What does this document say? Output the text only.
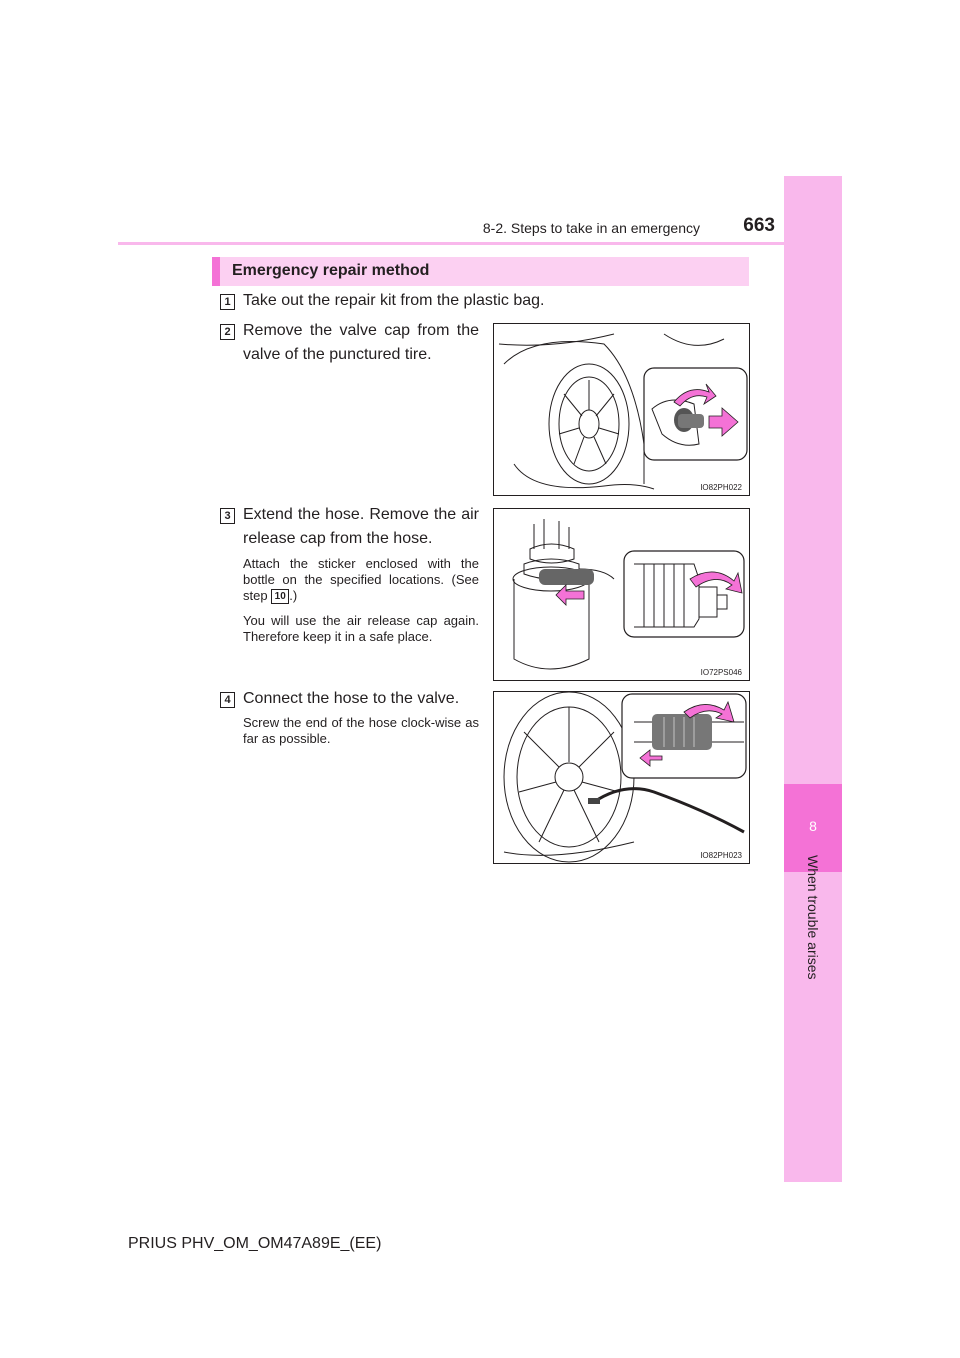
8
When trouble arises
8-2. Steps to take in an emergency	663
Emergency repair method
1 Take out the repair kit from the plastic bag.
2 Remove the valve cap from the valve of the punctured tire.
IO82PH022
3 Extend the hose. Remove the air release cap from the hose.
Attach the sticker enclosed with the bottle on the specified locations. (See step 10 .)
You will use the air release cap again. Therefore keep it in a safe place.
IO72PS046
4 Connect the hose to the valve.
Screw the end of the hose clock-wise as far as possible.
IO82PH023
PRIUS PHV_OM_OM47A89E_(EE)
